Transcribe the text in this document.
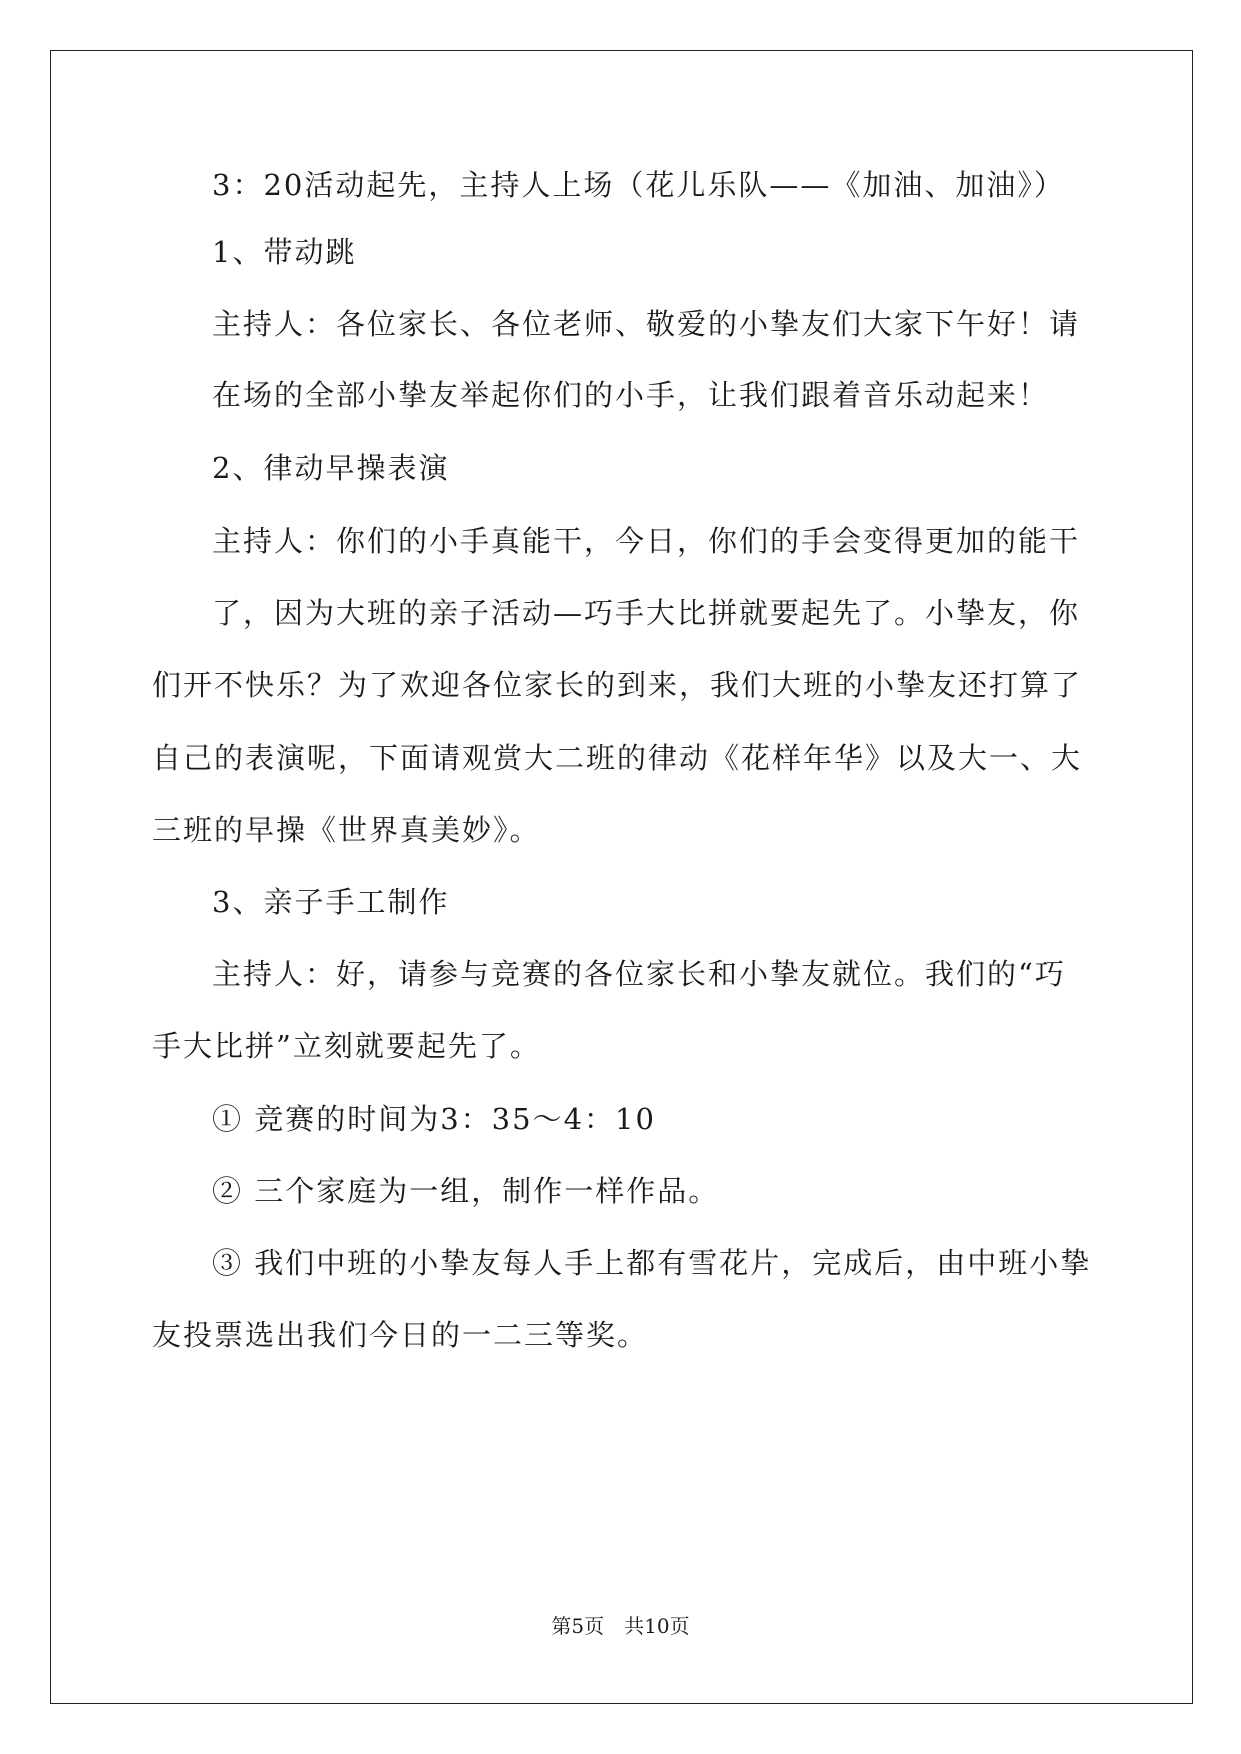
3：20活动起先，主持人上场（花儿乐队——《加油、加油》）
1、带动跳
主持人：各位家长、各位老师、敬爱的小挚友们大家下午好！请
在场的全部小挚友举起你们的小手，让我们跟着音乐动起来！
2、律动早操表演
主持人：你们的小手真能干，今日，你们的手会变得更加的能干
了，因为大班的亲子活动—巧手大比拼就要起先了。小挚友，你
们开不快乐？为了欢迎各位家长的到来，我们大班的小挚友还打算了
自己的表演呢，下面请观赏大二班的律动《花样年华》以及大一、大
三班的早操《世界真美妙》。
3、亲子手工制作
主持人：好，请参与竞赛的各位家长和小挚友就位。我们的“巧
手大比拼”立刻就要起先了。
① 竞赛的时间为3：35～4：10
② 三个家庭为一组，制作一样作品。
③ 我们中班的小挚友每人手上都有雪花片，完成后，由中班小挚
友投票选出我们今日的一二三等奖。
第5页　共10页
